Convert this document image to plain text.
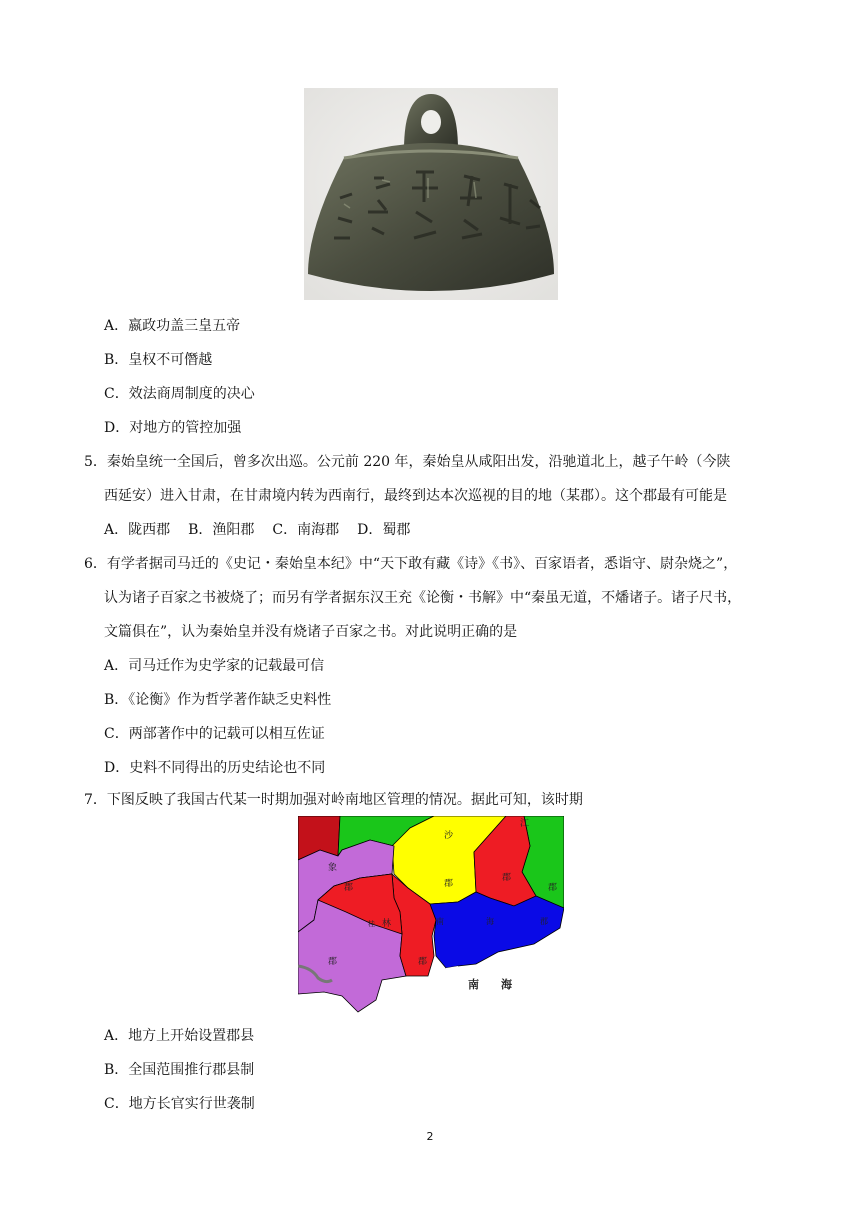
A．嬴政功盖三皇五帝
B．皇权不可僭越
C．效法商周制度的决心
D．对地方的管控加强
5．秦始皇统一全国后，曾多次出巡。公元前 220 年，秦始皇从咸阳出发，沿驰道北上，越子午岭（今陕
西延安）进入甘肃，在甘肃境内转为西南行，最终到达本次巡视的目的地（某郡）。这个郡最有可能是
A．陇西郡 B．渔阳郡 C．南海郡 D．蜀郡
6．有学者据司马迁的《史记・秦始皇本纪》中“天下敢有藏《诗》《书》、百家语者，悉诣守、尉杂烧之”，
认为诸子百家之书被烧了；而另有学者据东汉王充《论衡・书解》中“秦虽无道，不燔诸子。诸子尺书，
文篇俱在”，认为秦始皇并没有烧诸子百家之书。对此说明正确的是
A．司马迁作为史学家的记载最可信
B．《论衡》作为哲学著作缺乏史料性
C．两部著作中的记载可以相互佐证
D．史料不同得出的历史结论也不同
7．下图反映了我国古代某一时期加强对岭南地区管理的情况。据此可知，该时期
沙
象
郡
桂 林
郡
郡
郡
江
郡
郡
南	海	郡
南　　海
A．地方上开始设置郡县
B．全国范围推行郡县制
C．地方长官实行世袭制
2
